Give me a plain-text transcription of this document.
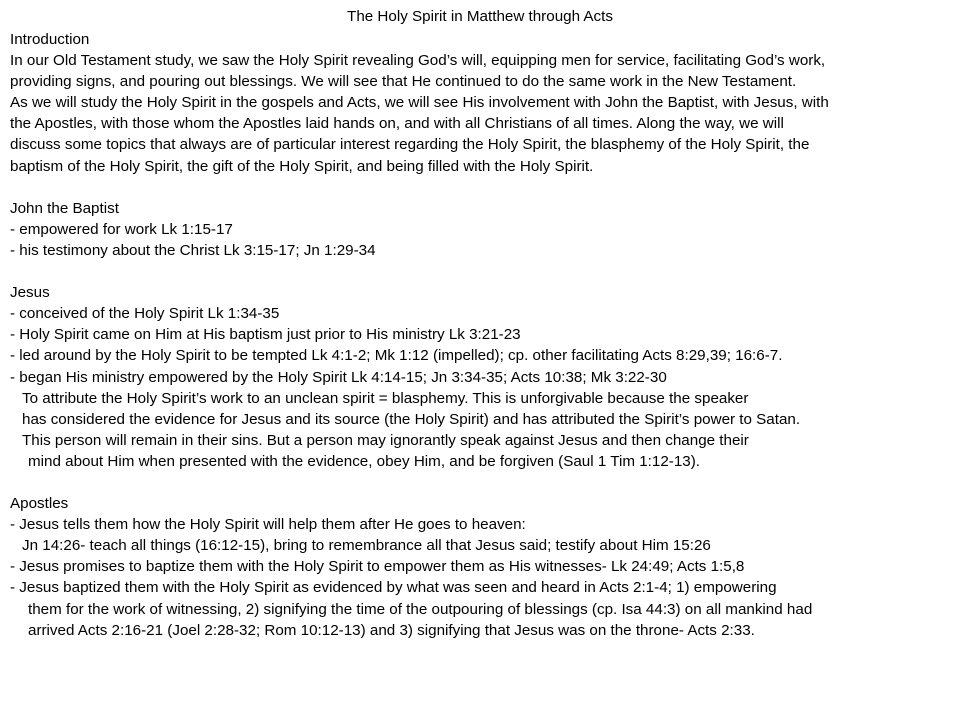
The Holy Spirit in Matthew through Acts
Introduction
In our Old Testament study, we saw the Holy Spirit revealing God’s will, equipping men for service, facilitating God’s work,
providing signs, and pouring out blessings. We will see that He continued to do the same work in the New Testament.
As we will study the Holy Spirit in the gospels and Acts, we will see His involvement with John the Baptist, with Jesus, with
the Apostles, with those whom the Apostles laid hands on, and with all Christians of all times. Along the way, we will
discuss some topics that always are of particular interest regarding the Holy Spirit, the blasphemy of the Holy Spirit, the
baptism of the Holy Spirit, the gift of the Holy Spirit, and being filled with the Holy Spirit.
John the Baptist
- empowered for work Lk 1:15-17
- his testimony about the Christ Lk 3:15-17; Jn 1:29-34
Jesus
- conceived of the Holy Spirit Lk 1:34-35
- Holy Spirit came on Him at His baptism just prior to His ministry Lk 3:21-23
- led around by the Holy Spirit to be tempted Lk 4:1-2; Mk 1:12 (impelled); cp. other facilitating Acts 8:29,39; 16:6-7.
- began His ministry empowered by the Holy Spirit Lk 4:14-15; Jn 3:34-35; Acts 10:38; Mk 3:22-30
To attribute the Holy Spirit’s work to an unclean spirit = blasphemy. This is unforgivable because the speaker
has considered the evidence for Jesus and its source (the Holy Spirit) and has attributed the Spirit’s power to Satan.
This person will remain in their sins. But a person may ignorantly speak against Jesus and then change their
mind about Him when presented with the evidence, obey Him, and be forgiven (Saul 1 Tim 1:12-13).
Apostles
- Jesus tells them how the Holy Spirit will help them after He goes to heaven:
Jn 14:26- teach all things (16:12-15), bring to remembrance all that Jesus said; testify about Him 15:26
- Jesus promises to baptize them with the Holy Spirit to empower them as His witnesses- Lk 24:49; Acts 1:5,8
- Jesus baptized them with the Holy Spirit as evidenced by what was seen and heard in Acts 2:1-4; 1) empowering
them for the work of witnessing, 2) signifying the time of the outpouring of blessings (cp. Isa 44:3) on all mankind had
arrived Acts 2:16-21 (Joel 2:28-32; Rom 10:12-13) and 3) signifying that Jesus was on the throne- Acts 2:33.
